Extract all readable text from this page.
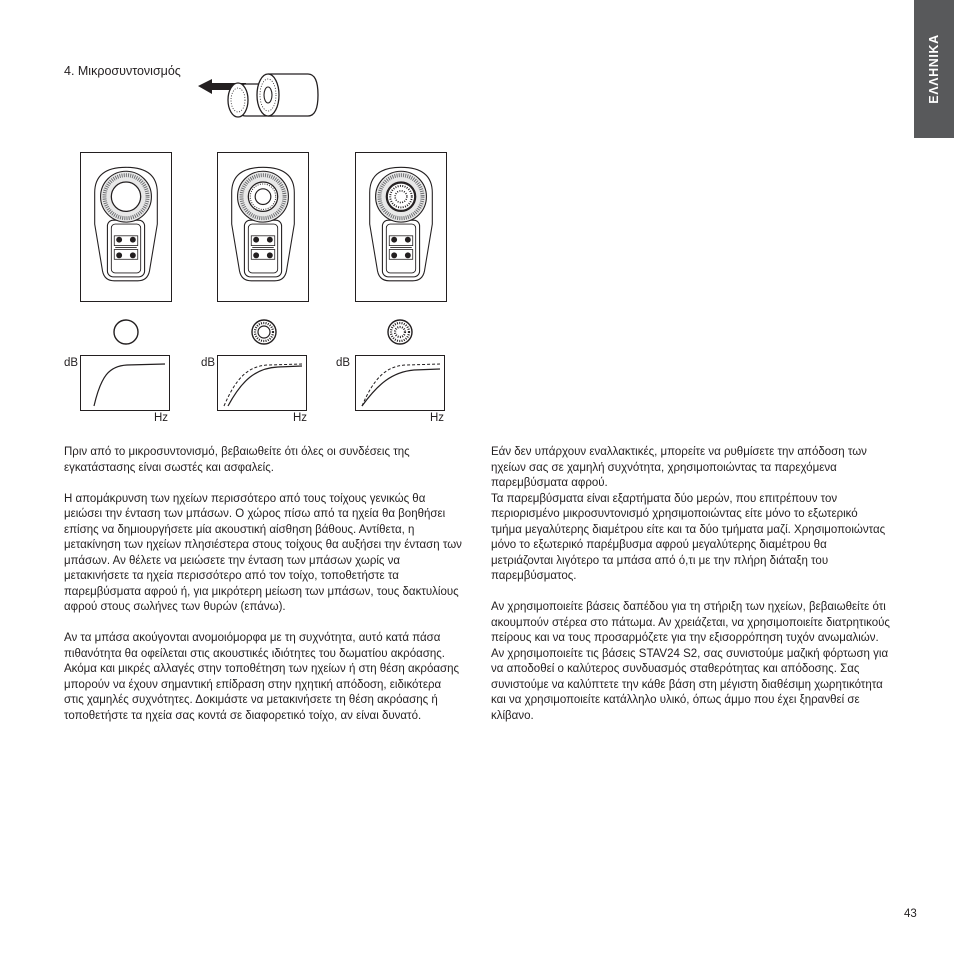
ΕΛΛΗΝΙΚΑ
4. Μικροσυντονισμός
dB
Hz
dB
Hz
dB
Hz

Πριν από το μικροσυντονισμό, βεβαιωθείτε ότι όλες οι συνδέσεις της εγκατάστασης είναι σωστές και ασφαλείς.

Η απομάκρυνση των ηχείων περισσότερο από τους τοίχους γενικώς θα μειώσει την ένταση των μπάσων. Ο χώρος πίσω από τα ηχεία θα βοηθήσει επίσης να δημιουργήσετε μία ακουστική αίσθηση βάθους. Αντίθετα, η μετακίνηση των ηχείων πλησιέστερα στους τοίχους θα αυξήσει την ένταση των μπάσων. Αν θέλετε να μειώσετε την ένταση των μπάσων χωρίς να μετακινήσετε τα ηχεία περισσότερο από τον τοίχο, τοποθετήστε τα παρεμβύσματα αφρού ή, για μικρότερη μείωση των μπάσων, τους δακτυλίους αφρού στους σωλήνες των θυρών (επάνω).

Αν τα μπάσα ακούγονται ανομοιόμορφα με τη συχνότητα, αυτό κατά πάσα πιθανότητα θα οφείλεται στις ακουστικές ιδιότητες του δωματίου ακρόασης. Ακόμα και μικρές αλλαγές στην τοποθέτηση των ηχείων ή στη θέση ακρόασης μπορούν να έχουν σημαντική επίδραση στην ηχητική απόδοση, ειδικότερα στις χαμηλές συχνότητες. Δοκιμάστε να μετακινήσετε τη θέση ακρόασης ή τοποθετήστε τα ηχεία σας κοντά σε διαφορετικό τοίχο, αν είναι δυνατό.

Εάν δεν υπάρχουν εναλλακτικές, μπορείτε να ρυθμίσετε την απόδοση των ηχείων σας σε χαμηλή συχνότητα, χρησιμοποιώντας τα παρεχόμενα παρεμβύσματα αφρού.
Τα παρεμβύσματα είναι εξαρτήματα δύο μερών, που επιτρέπουν τον περιορισμένο μικροσυντονισμό χρησιμοποιώντας είτε μόνο το εξωτερικό τμήμα μεγαλύτερης διαμέτρου είτε και τα δύο τμήματα μαζί. Χρησιμοποιώντας μόνο το εξωτερικό παρέμβυσμα αφρού μεγαλύτερης διαμέτρου θα μετριάζονται λιγότερο τα μπάσα από ό,τι με την πλήρη διάταξη του παρεμβύσματος.

Αν χρησιμοποιείτε βάσεις δαπέδου για τη στήριξη των ηχείων, βεβαιωθείτε ότι ακουμπούν στέρεα στο πάτωμα. Αν χρειάζεται, να χρησιμοποιείτε διατρητικούς πείρους και να τους προσαρμόζετε για την εξισορρόπηση τυχόν ανωμαλιών. Αν χρησιμοποιείτε τις βάσεις STAV24 S2, σας συνιστούμε μαζική φόρτωση για να αποδοθεί ο καλύτερος συνδυασμός σταθερότητας και απόδοσης. Σας συνιστούμε να καλύπτετε την κάθε βάση στη μέγιστη διαθέσιμη χωρητικότητα και να χρησιμοποιείτε κατάλληλο υλικό, όπως άμμο που έχει ξηρανθεί σε κλίβανο.

43
